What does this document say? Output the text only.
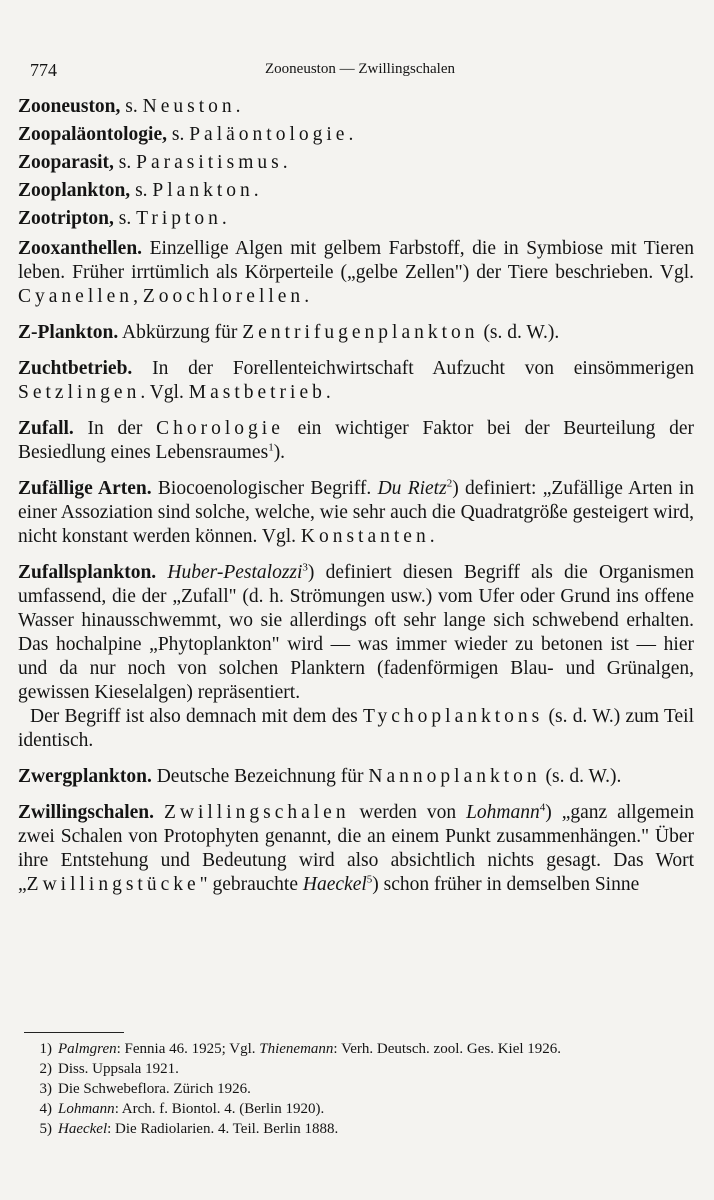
774	Zooneuston — Zwillingschalen

Zooneuston, s. Neuston.

Zoopaläontologie, s. Paläontologie.

Zooparasit, s. Parasitismus.

Zooplankton, s. Plankton.

Zootripton, s. Tripton.

Zooxanthellen. Einzellige Algen mit gelbem Farbstoff, die in Symbiose mit Tieren leben. Früher irrtümlich als Körperteile („gelbe Zellen") der Tiere beschrieben. Vgl. Cyanellen, Zoochlorellen.

Z-Plankton. Abkürzung für Zentrifugenplankton (s. d. W.).

Zuchtbetrieb. In der Forellenteichwirtschaft Aufzucht von einsömmerigen Setzlingen. Vgl. Mastbetrieb.

Zufall. In der Chorologie ein wichtiger Faktor bei der Beurteilung der Besiedlung eines Lebensraumes$^1$).

Zufällige Arten. Biocoenologischer Begriff. Du Rietz$^2$) definiert: „Zufällige Arten in einer Assoziation sind solche, welche, wie sehr auch die Quadratgröße gesteigert wird, nicht konstant werden können. Vgl. Konstanten.

Zufallsplankton. Huber-Pestalozzi$^3$) definiert diesen Begriff als die Organismen umfassend, die der „Zufall" (d. h. Strömungen usw.) vom Ufer oder Grund ins offene Wasser hinausschwemmt, wo sie allerdings oft sehr lange sich schwebend erhalten. Das hochalpine „Phytoplankton" wird — was immer wieder zu betonen ist — hier und da nur noch von solchen Planktern (fadenförmigen Blau- und Grünalgen, gewissen Kieselalgen) repräsentiert.

Der Begriff ist also demnach mit dem des Tychoplanktons (s. d. W.) zum Teil identisch.

Zwergplankton. Deutsche Bezeichnung für Nannoplankton (s. d. W.).

Zwillingschalen. Zwillingschalen werden von Lohmann$^4$) „ganz allgemein zwei Schalen von Protophyten genannt, die an einem Punkt zusammenhängen." Über ihre Entstehung und Bedeutung wird also absichtlich nichts gesagt. Das Wort „Zwillingstücke" gebrauchte Haeckel$^5$) schon früher in demselben Sinne

1) Palmgren: Fennia 46. 1925; Vgl. Thienemann: Verh. Deutsch. zool. Ges. Kiel 1926.

2) Diss. Uppsala 1921.

3) Die Schwebeflora. Zürich 1926.

4) Lohmann: Arch. f. Biontol. 4. (Berlin 1920).

5) Haeckel: Die Radiolarien. 4. Teil. Berlin 1888.
